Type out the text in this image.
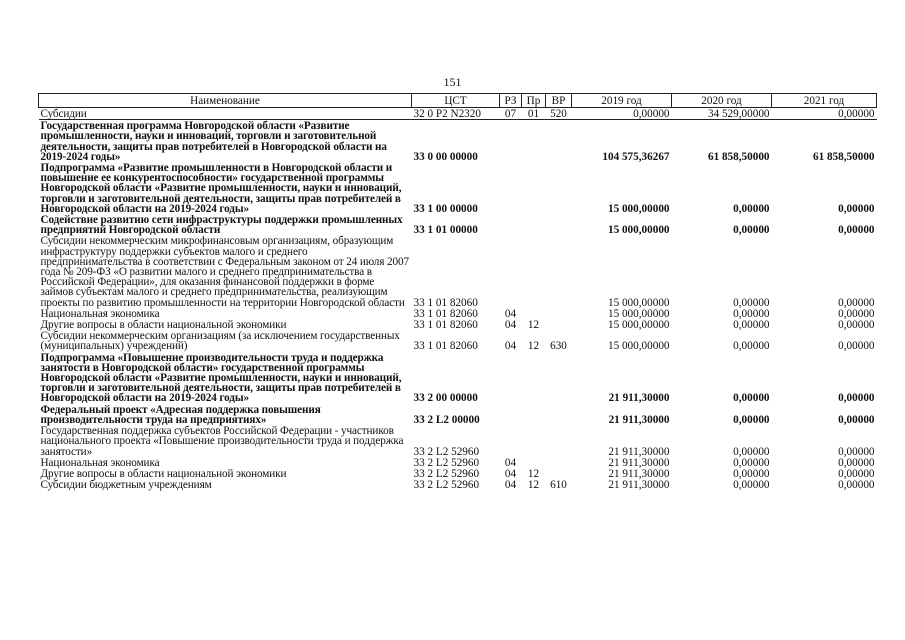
151
Наименование	ЦСТ	РЗ	Пр	ВР	2019 год	2020 год	2021 год
Субсидии	32 0 P2 N2320	07	01	520	0,00000	34 529,00000	0,00000
Государственная программа Новгородской области «Развитие промышленности, науки и инноваций, торговли и заготовительной деятельности, защиты прав потребителей в Новгородской области на 2019-2024 годы»	33 0 00 00000				104 575,36267	61 858,50000	61 858,50000
Подпрограмма «Развитие промышленности в Новгородской области и повышение ее конкурентоспособности» государственной программы Новгородской области «Развитие промышленности, науки и инноваций, торговли и заготовительной деятельности, защиты прав потребителей в Новгородской области на 2019-2024 годы»	33 1 00 00000				15 000,00000	0,00000	0,00000
Содействие развитию сети инфраструктуры поддержки промышленных предприятий Новгородской области	33 1 01 00000				15 000,00000	0,00000	0,00000
Субсидии некоммерческим микрофинансовым организациям, образующим инфраструктуру поддержки субъектов малого и среднего предпринимательства в соответствии с Федеральным законом от 24 июля 2007 года № 209-ФЗ «О развитии малого и среднего предпринимательства в Российской Федерации», для оказания финансовой поддержки в форме займов субъектам малого и среднего предпринимательства, реализующим проекты по развитию промышленности на территории Новгородской области	33 1 01 82060				15 000,00000	0,00000	0,00000
Национальная экономика	33 1 01 82060	04			15 000,00000	0,00000	0,00000
Другие вопросы в области национальной экономики	33 1 01 82060	04	12		15 000,00000	0,00000	0,00000
Субсидии некоммерческим организациям (за исключением государственных (муниципальных) учреждений)	33 1 01 82060	04	12	630	15 000,00000	0,00000	0,00000
Подпрограмма «Повышение производительности труда и поддержка занятости в Новгородской области» государственной программы Новгородской области «Развитие промышленности, науки и инноваций, торговли и заготовительной деятельности, защиты прав потребителей в Новгородской области на 2019-2024 годы»	33 2 00 00000				21 911,30000	0,00000	0,00000
Федеральный проект «Адресная поддержка повышения производительности труда на предприятиях»	33 2 L2 00000				21 911,30000	0,00000	0,00000
Государственная поддержка субъектов Российской Федерации - участников национального проекта «Повышение производительности труда и поддержка занятости»	33 2 L2 52960				21 911,30000	0,00000	0,00000
Национальная экономика	33 2 L2 52960	04			21 911,30000	0,00000	0,00000
Другие вопросы в области национальной экономики	33 2 L2 52960	04	12		21 911,30000	0,00000	0,00000
Субсидии бюджетным учреждениям	33 2 L2 52960	04	12	610	21 911,30000	0,00000	0,00000
